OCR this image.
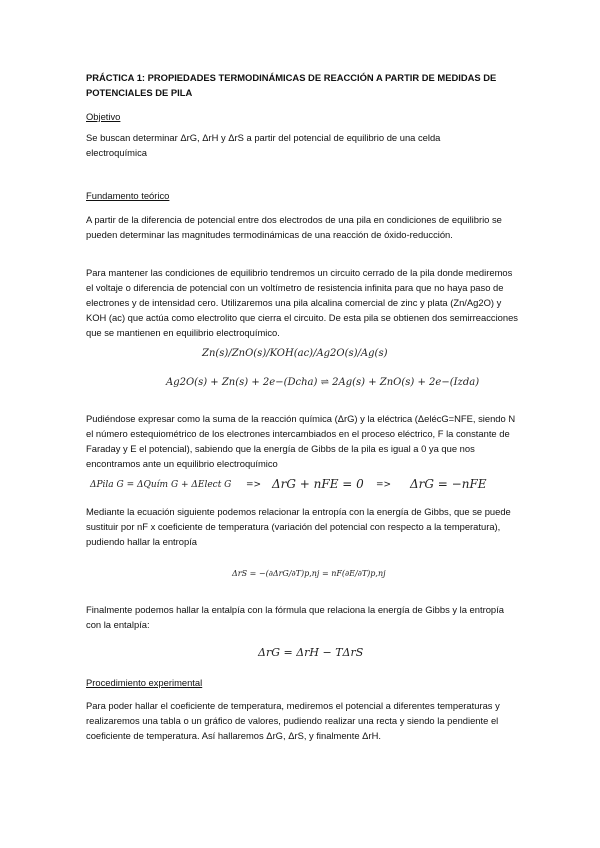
PRÁCTICA 1: PROPIEDADES TERMODINÁMICAS DE REACCIÓN A PARTIR DE MEDIDAS DE POTENCIALES DE PILA
Objetivo
Se buscan determinar ΔrG, ΔrH y ΔrS a partir del potencial de equilibrio de una celda electroquímica
Fundamento teórico
A partir de la diferencia de potencial entre dos electrodos de una pila en condiciones de equilibrio se pueden determinar las magnitudes termodinámicas de una reacción de óxido-reducción.
Para mantener las condiciones de equilibrio tendremos un circuito cerrado de la pila donde mediremos el voltaje o diferencia de potencial con un voltímetro de resistencia infinita para que no haya paso de electrones y de intensidad cero. Utilizaremos una pila alcalina comercial de zinc y plata (Zn/Ag2O) y KOH (ac) que actúa como electrolito que cierra el circuito. De esta pila se obtienen dos semirreacciones que se mantienen en equilibrio electroquímico.
Zn(s)/ZnO(s)/KOH(ac)/Ag2O(s)/Ag(s)
Ag2O(s) + Zn(s) + 2e−(Dcha) ⇌ 2Ag(s) + ZnO(s) + 2e−(Izda)
Pudiéndose expresar como la suma de la reacción química (ΔrG) y la eléctrica (ΔelécG=NFE, siendo N el número estequiométrico de los electrones intercambiados en el proceso eléctrico, F la constante de Faraday y E el potencial), sabiendo que la energía de Gibbs de la pila es igual a 0 ya que nos encontramos ante un equilibrio electroquímico
ΔPila G = ΔQuím G + ΔElect G => ΔrG + nFE = 0 => ΔrG = −nFE
Mediante la ecuación siguiente podemos relacionar la entropía con la energía de Gibbs, que se puede sustituir por nF x coeficiente de temperatura (variación del potencial con respecto a la temperatura), pudiendo hallar la entropía
ΔrS = −(∂ΔrG/∂T)p,nj = nF(∂E/∂T)p,nj
Finalmente podemos hallar la entalpía con la fórmula que relaciona la energía de Gibbs y la entropía con la entalpía:
ΔrG = ΔrH − TΔrS
Procedimiento experimental
Para poder hallar el coeficiente de temperatura, mediremos el potencial a diferentes temperaturas y realizaremos una tabla o un gráfico de valores, pudiendo realizar una recta y siendo la pendiente el coeficiente de temperatura. Así hallaremos ΔrG, ΔrS, y finalmente ΔrH.
